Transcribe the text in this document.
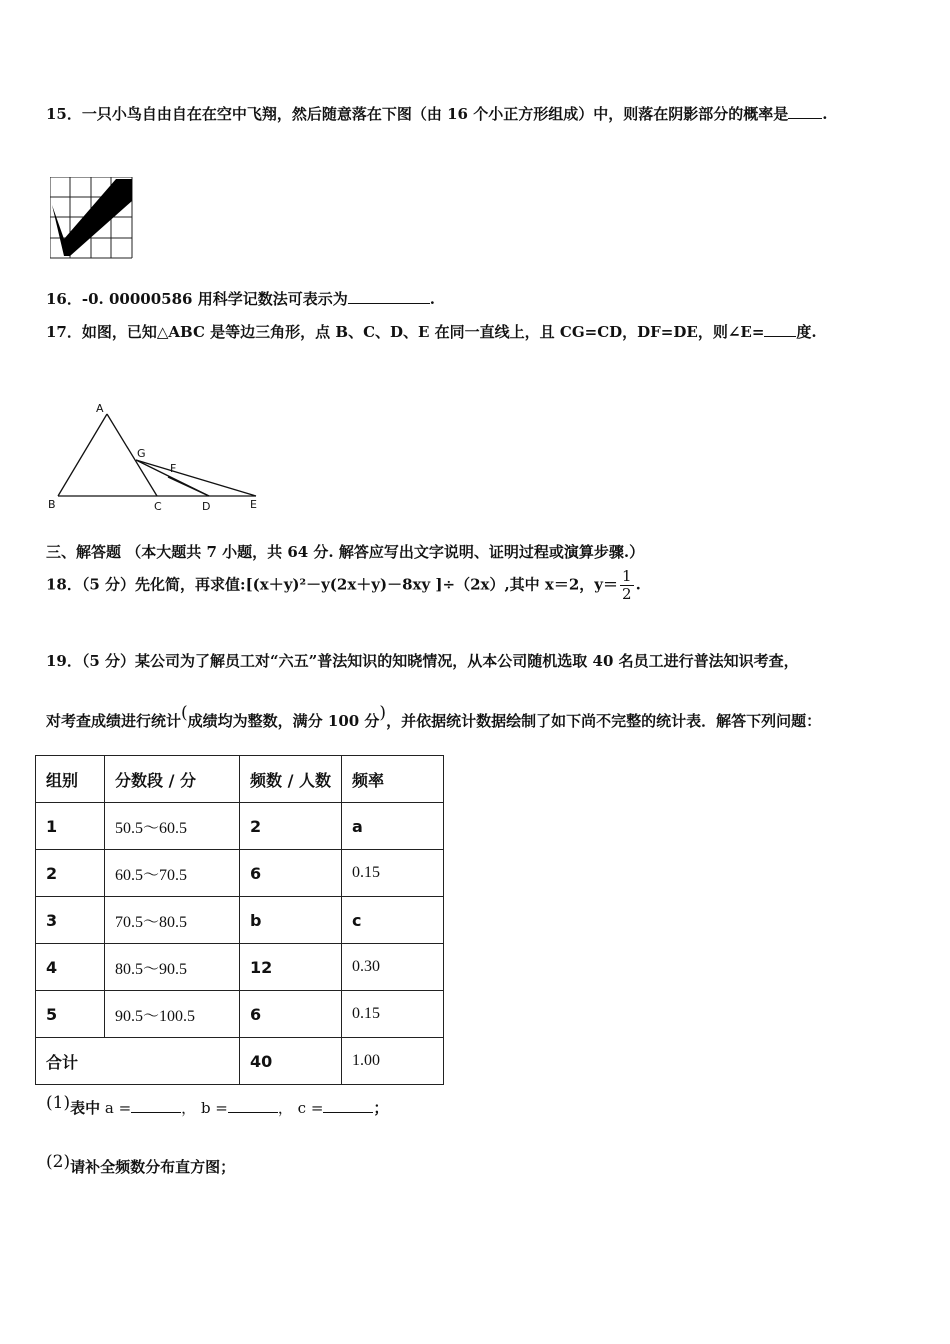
15．一只小鸟自由自在在空中飞翔，然后随意落在下图（由 16 个小正方形组成）中，则落在阴影部分的概率是 .
16．-0. 00000586 用科学记数法可表示为	.
17．如图，已知△ABC 是等边三角形，点 B、C、D、E 在同一直线上，且 CG=CD，DF=DE，则∠E= 度.
A
G
F
B	C	D	E
三、解答题 （本大题共 7 小题，共 64 分. 解答应写出文字说明、证明过程或演算步骤.）
18．（5 分）先化简，再求值:[(x＋y)²－y(2x＋y)－8xy ]÷（2x）,其中 x＝2，$y= \frac{1}{2}$ .
19．（5 分）某公司为了解员工对“六五”普法知识的知晓情况，从本公司随机选取 40 名员工进行普法知识考查，
对考查成绩进行统计(成绩均为整数，满分 100 分)，并依据统计数据绘制了如下尚不完整的统计表．解答下列问题：
组别	分数段 / 分	频数 / 人数	频率
1	50.5～60.5	2	a
2	60.5～70.5	6	0.15
3	70.5～80.5	b	c
4	80.5～90.5	12	0.30
5	90.5～100.5	6	0.15
合计		40	1.00
(1)表中 a =	， b =	， c =	；
(2)请补全频数分布直方图；
